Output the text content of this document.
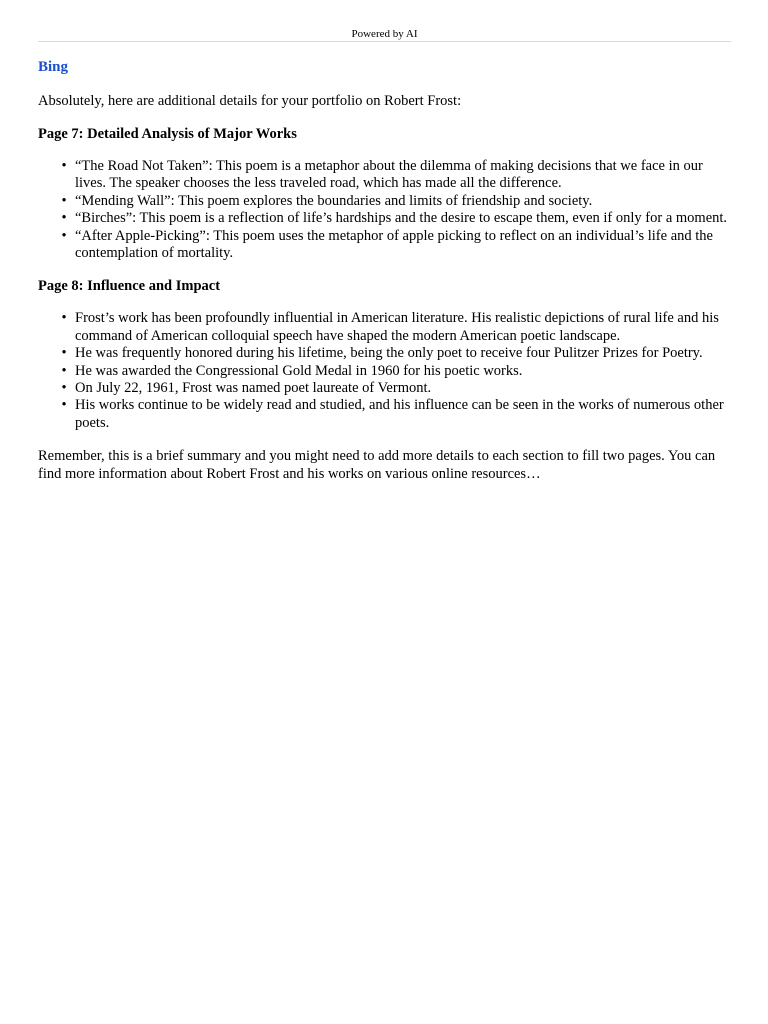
Powered by AI
Bing

Absolutely, here are additional details for your portfolio on Robert Frost:

Page 7: Detailed Analysis of Major Works

• “The Road Not Taken”: This poem is a metaphor about the dilemma of making decisions that we face in our lives. The speaker chooses the less traveled road, which has made all the difference.
• “Mending Wall”: This poem explores the boundaries and limits of friendship and society.
• “Birches”: This poem is a reflection of life’s hardships and the desire to escape them, even if only for a moment.
• “After Apple-Picking”: This poem uses the metaphor of apple picking to reflect on an individual’s life and the contemplation of mortality.

Page 8: Influence and Impact

• Frost’s work has been profoundly influential in American literature. His realistic depictions of rural life and his command of American colloquial speech have shaped the modern American poetic landscape.
• He was frequently honored during his lifetime, being the only poet to receive four Pulitzer Prizes for Poetry.
• He was awarded the Congressional Gold Medal in 1960 for his poetic works.
• On July 22, 1961, Frost was named poet laureate of Vermont.
• His works continue to be widely read and studied, and his influence can be seen in the works of numerous other poets.

Remember, this is a brief summary and you might need to add more details to each section to fill two pages. You can find more information about Robert Frost and his works on various online resources…
